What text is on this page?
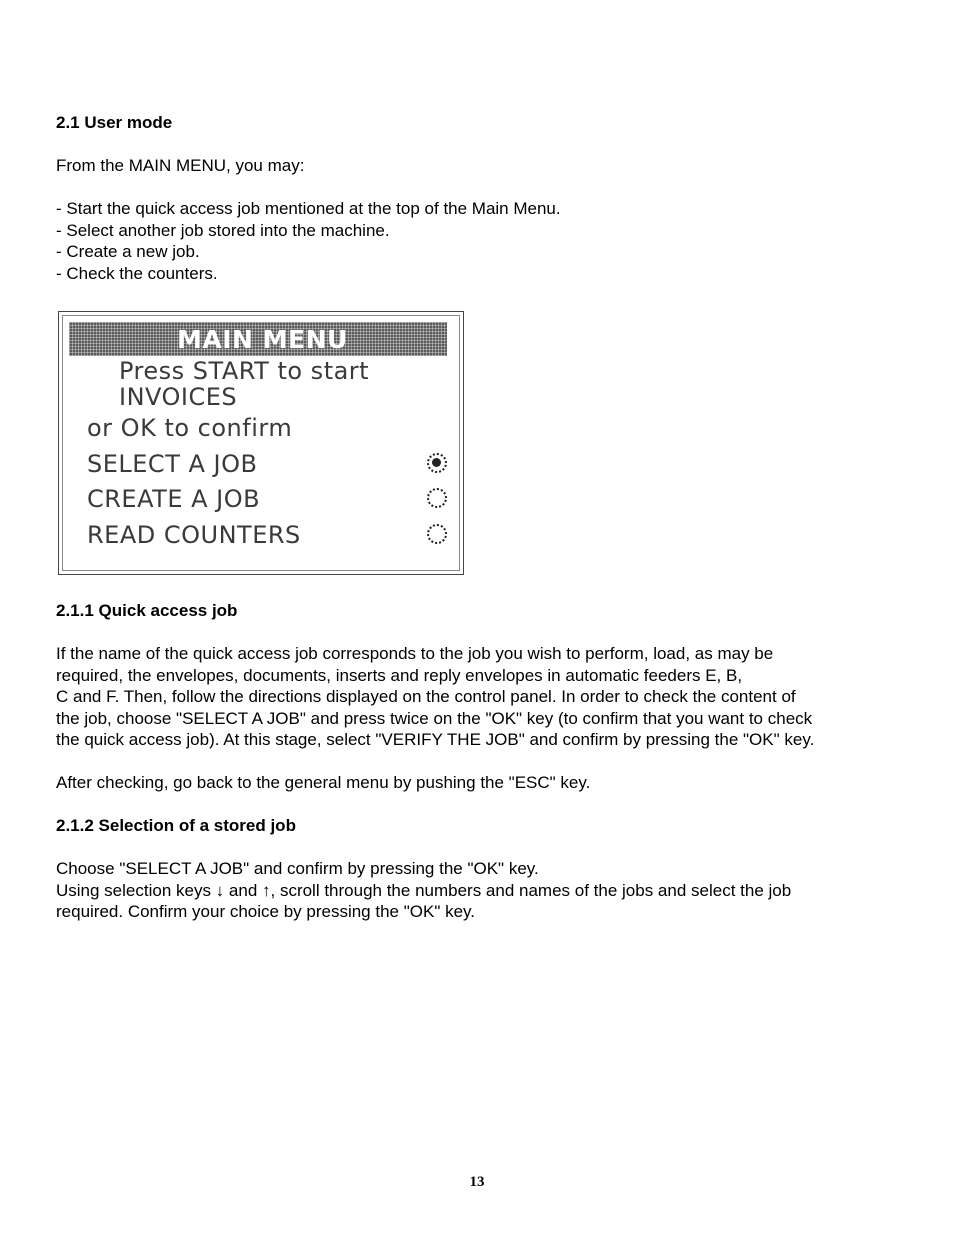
2.1 User mode
From the MAIN MENU, you may:
- Start the quick access job mentioned at the top of the Main Menu.
- Select another job stored into the machine.
- Create a new job.
- Check the counters.
MAIN MENU
Press START to start
INVOICES
or OK to confirm
SELECT A JOB
CREATE A JOB
READ COUNTERS
2.1.1 Quick access job
If the name of the quick access job corresponds to the job you wish to perform, load, as may be
required, the envelopes, documents, inserts and reply envelopes in automatic feeders E, B,
C and F. Then, follow the directions displayed on the control panel. In order to check the content of
the job, choose "SELECT A JOB" and press twice on the "OK" key (to confirm that you want to check
the quick access job). At this stage, select "VERIFY THE JOB" and confirm by pressing the "OK" key.
After checking, go back to the general menu by pushing the "ESC" key.
2.1.2 Selection of a stored job
Choose "SELECT A JOB" and confirm by pressing the "OK" key.
Using selection keys ↓ and ↑, scroll through the numbers and names of the jobs and select the job
required. Confirm your choice by pressing the "OK" key.
13
